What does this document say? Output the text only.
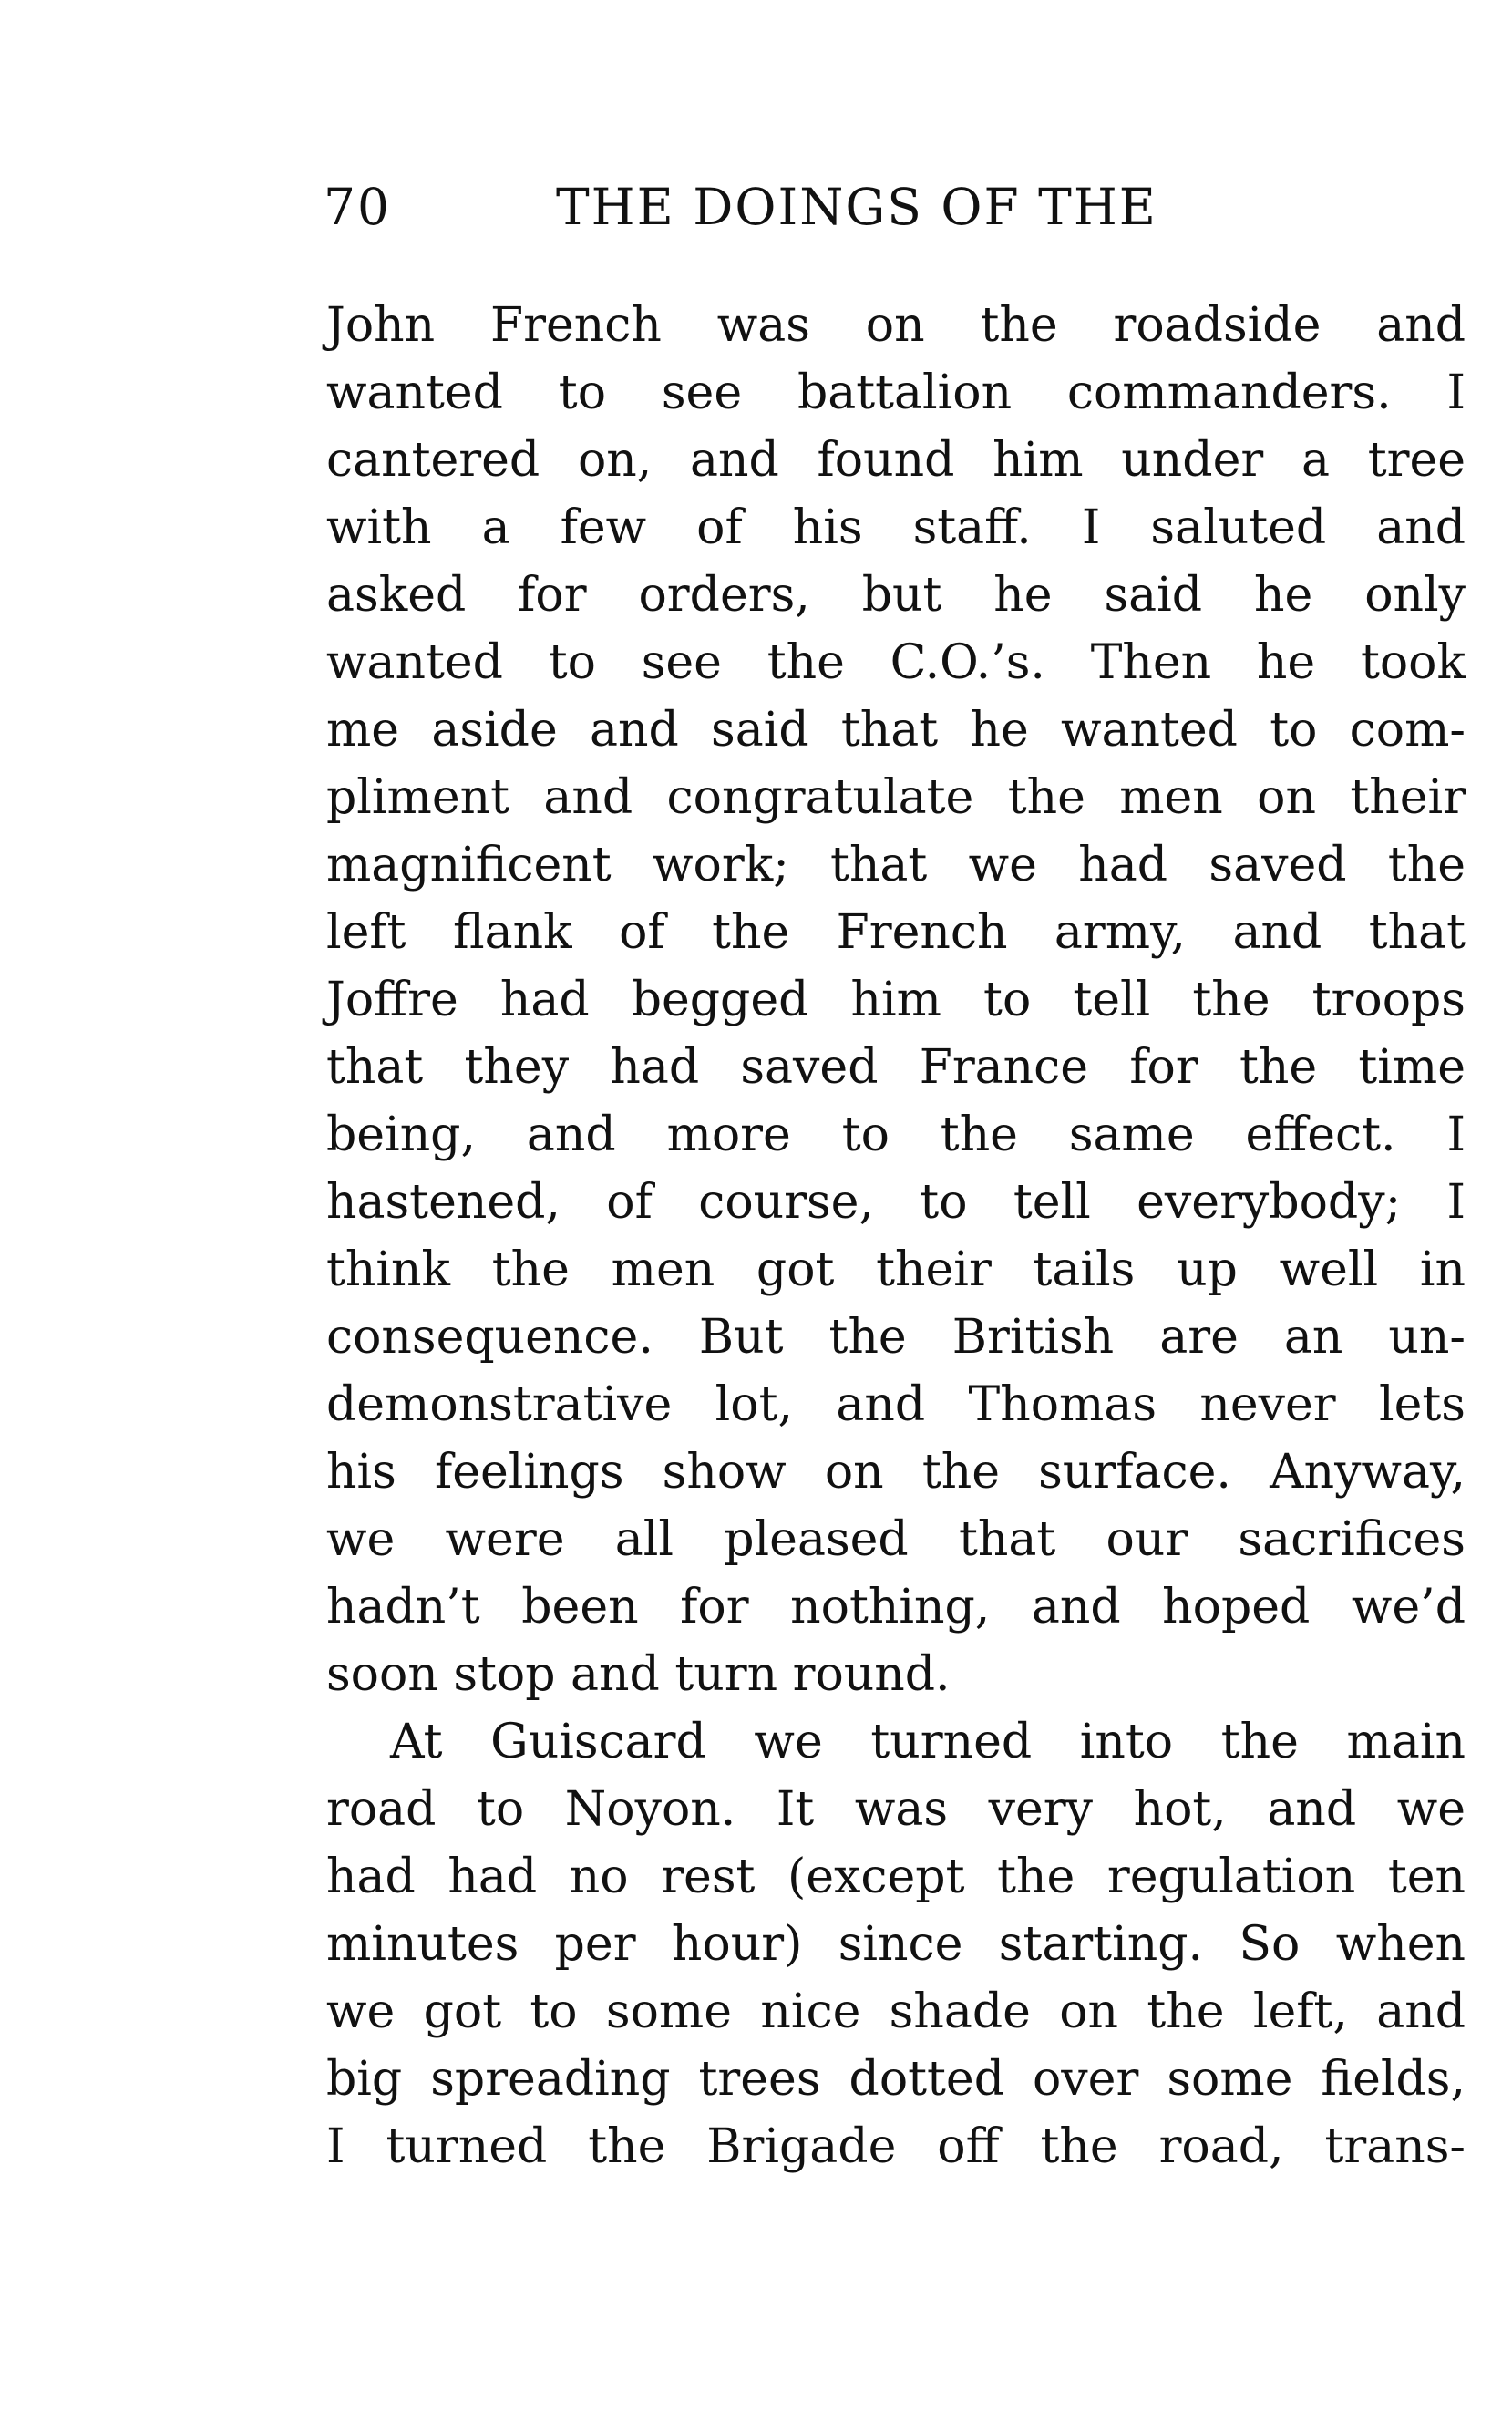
70	THE DOINGS OF THE
John French was on the roadside and
wanted to see battalion commanders. I
cantered on, and found him under a tree
with a few of his staff. I saluted and
asked for orders, but he said he only
wanted to see the C.O.’s. Then he took
me aside and said that he wanted to com-
pliment and congratulate the men on their
magnificent work; that we had saved the
left flank of the French army, and that
Joffre had begged him to tell the troops
that they had saved France for the time
being, and more to the same effect. I
hastened, of course, to tell everybody; I
think the men got their tails up well in
consequence. But the British are an un-
demonstrative lot, and Thomas never lets
his feelings show on the surface. Anyway,
we were all pleased that our sacrifices
hadn’t been for nothing, and hoped we’d
soon stop and turn round.
At Guiscard we turned into the main
road to Noyon. It was very hot, and we
had had no rest (except the regulation ten
minutes per hour) since starting. So when
we got to some nice shade on the left, and
big spreading trees dotted over some fields,
I turned the Brigade off the road, trans-
